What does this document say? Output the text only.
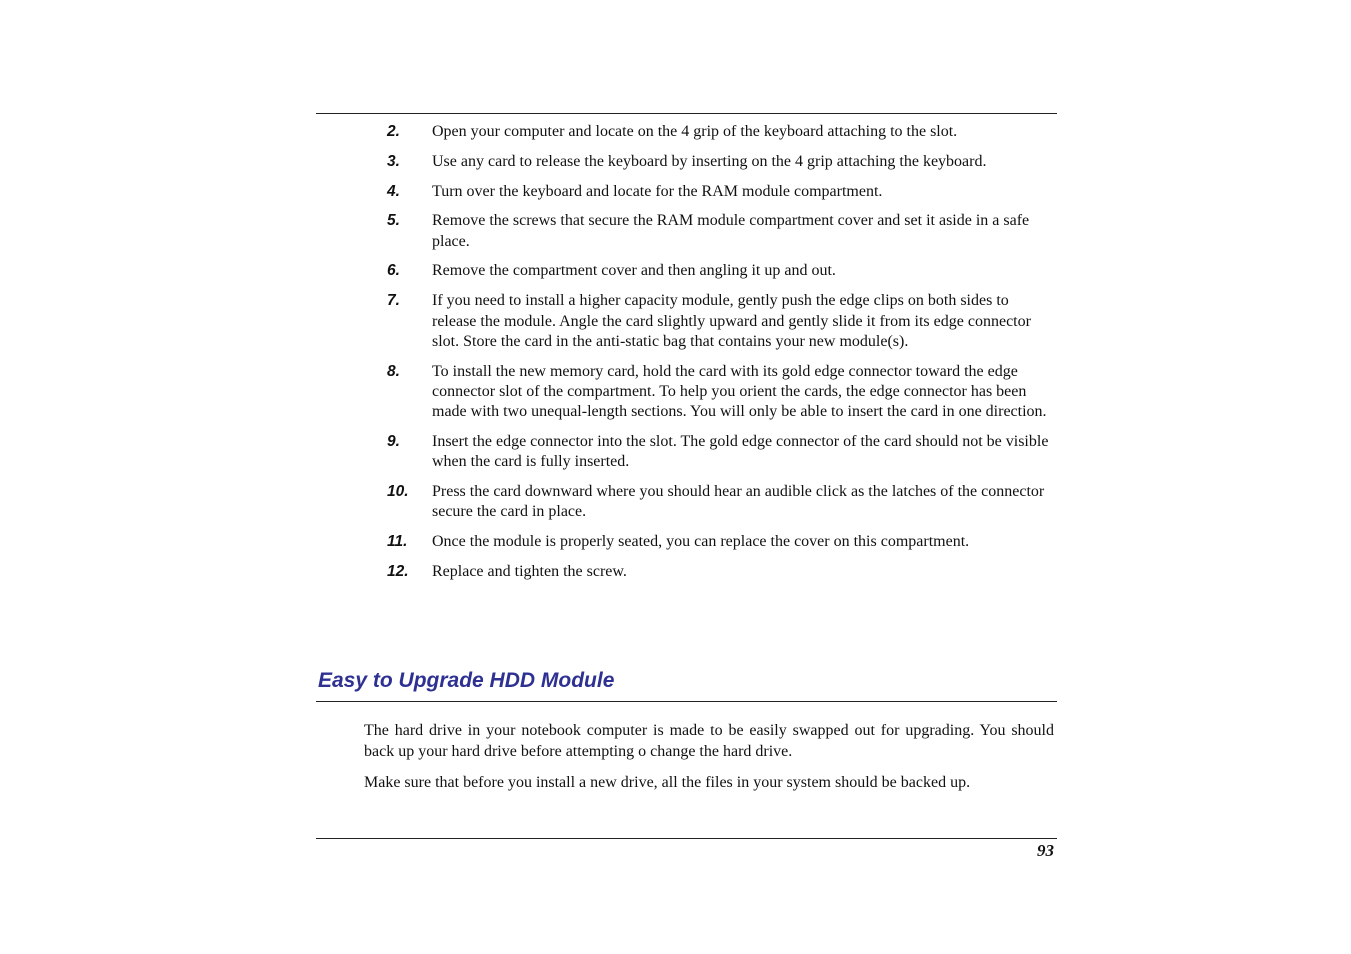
2. Open your computer and locate on the 4 grip of the keyboard attaching to the slot.
3. Use any card to release the keyboard by inserting on the 4 grip attaching the keyboard.
4. Turn over the keyboard and locate for the RAM module compartment.
5. Remove the screws that secure the RAM module compartment cover and set it aside in a safe place.
6. Remove the compartment cover and then angling it up and out.
7. If you need to install a higher capacity module, gently push the edge clips on both sides to release the module. Angle the card slightly upward and gently slide it from its edge connector slot. Store the card in the anti-static bag that contains your new module(s).
8. To install the new memory card, hold the card with its gold edge connector toward the edge connector slot of the compartment. To help you orient the cards, the edge connector has been made with two unequal-length sections. You will only be able to insert the card in one direction.
9. Insert the edge connector into the slot. The gold edge connector of the card should not be visible when the card is fully inserted.
10. Press the card downward where you should hear an audible click as the latches of the connector secure the card in place.
11. Once the module is properly seated, you can replace the cover on this compartment.
12. Replace and tighten the screw.
Easy to Upgrade HDD Module

The hard drive in your notebook computer is made to be easily swapped out for upgrading. You should back up your hard drive before attempting o change the hard drive.

Make sure that before you install a new drive, all the files in your system should be backed up.

93
